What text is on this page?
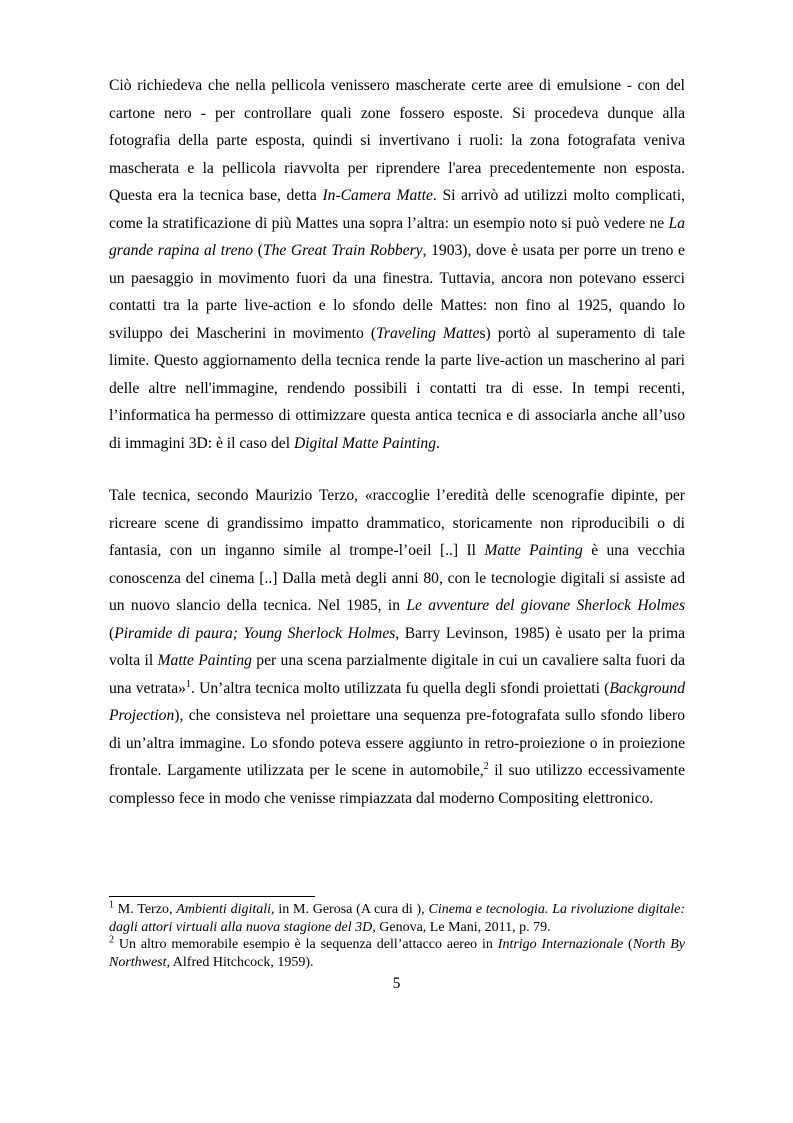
Ciò richiedeva che nella pellicola venissero mascherate certe aree di emulsione - con del cartone nero - per controllare quali zone fossero esposte. Si procedeva dunque alla fotografia della parte esposta, quindi si invertivano i ruoli: la zona fotografata veniva mascherata e la pellicola riavvolta per riprendere l'area precedentemente non esposta. Questa era la tecnica base, detta In-Camera Matte. Si arrivò ad utilizzi molto complicati, come la stratificazione di più Mattes una sopra l’altra: un esempio noto si può vedere ne La grande rapina al treno (The Great Train Robbery, 1903), dove è usata per porre un treno e un paesaggio in movimento fuori da una finestra. Tuttavia, ancora non potevano esserci contatti tra la parte live-action e lo sfondo delle Mattes: non fino al 1925, quando lo sviluppo dei Mascherini in movimento (Traveling Mattes) portò al superamento di tale limite. Questo aggiornamento della tecnica rende la parte live-action un mascherino al pari delle altre nell'immagine, rendendo possibili i contatti tra di esse. In tempi recenti, l’informatica ha permesso di ottimizzare questa antica tecnica e di associarla anche all’uso di immagini 3D: è il caso del Digital Matte Painting.

Tale tecnica, secondo Maurizio Terzo, «raccoglie l’eredità delle scenografie dipinte, per ricreare scene di grandissimo impatto drammatico, storicamente non riproducibili o di fantasia, con un inganno simile al trompe-l’oeil [..] Il Matte Painting è una vecchia conoscenza del cinema [..] Dalla metà degli anni 80, con le tecnologie digitali si assiste ad un nuovo slancio della tecnica. Nel 1985, in Le avventure del giovane Sherlock Holmes (Piramide di paura; Young Sherlock Holmes, Barry Levinson, 1985) è usato per la prima volta il Matte Painting per una scena parzialmente digitale in cui un cavaliere salta fuori da una vetrata»$^1$. Un’altra tecnica molto utilizzata fu quella degli sfondi proiettati (Background Projection), che consisteva nel proiettare una sequenza pre-fotografata sullo sfondo libero di un’altra immagine. Lo sfondo poteva essere aggiunto in retro-proiezione o in proiezione frontale. Largamente utilizzata per le scene in automobile,$^2$ il suo utilizzo eccessivamente complesso fece in modo che venisse rimpiazzata dal moderno Compositing elettronico.

$^1$ M. Terzo, Ambienti digitali, in M. Gerosa (A cura di ), Cinema e tecnologia. La rivoluzione digitale: dagli attori virtuali alla nuova stagione del 3D, Genova, Le Mani, 2011, p. 79.

$^2$ Un altro memorabile esempio è la sequenza dell’attacco aereo in Intrigo Internazionale (North By Northwest, Alfred Hitchcock, 1959).

5
